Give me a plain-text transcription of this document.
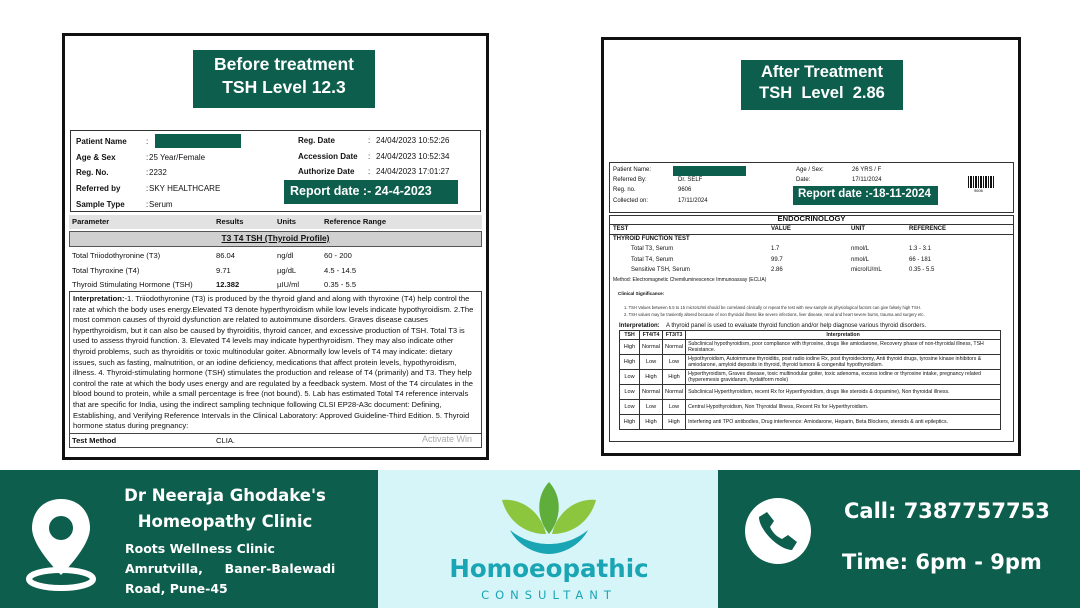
Before treatment
TSH Level 12.3
Patient Name :
Age & Sex	: 25 Year/Female
Reg. No.	: 2232
Referred by	: SKY HEALTHCARE
Sample Type	: Serum
Reg. Date	: 24/04/2023 10:52:26
Accession Date : 24/04/2023 10:52:34
Authorize Date : 24/04/2023 17:01:27
Report date :- 24-4-2023
Parameter	Results	Units	Reference Range
T3 T4 TSH (Thyroid Profile)
Total Triiodothyronine (T3)	86.04	ng/dl	60 - 200
Total Thyroxine (T4)	9.71	µg/dL	4.5 - 14.5
Thyroid Stimulating Hormone (TSH)	12.382	µIU/ml	0.35 - 5.5
Interpretation:-1. Triiodothyronine (T3) is produced by the thyroid gland and along with thyroxine (T4) help control the rate at which the body uses energy.Elevated T3 denote hyperthyroidism while low levels indicate hypothyroidism. 2.The most common causes of thyroid dysfunction are related to autoimmune disorders. Graves disease causes hyperthyroidism, but it can also be caused by thyroiditis, thyroid cancer, and excessive production of TSH. Total T3 is used to assess thyroid function. 3. Elevated T4 levels may indicate hyperthyroidism. They may also indicate other thyroid problems, such as thyroiditis or toxic multinodular goiter. Abnormally low levels of T4 may indicate: dietary issues, such as fasting, malnutrition, or an iodine deficiency, medications that affect protein levels, hypothyroidism, illness. 4. Thyroid-stimulating hormone (TSH) stimulates the production and release of T4 (primarily) and T3. They help control the rate at which the body uses energy and are regulated by a feedback system. Most of the T4 circulates in the blood bound to protein, while a small percentage is free (not bound). 5. Lab has estimated Total T4 reference intervals that are specific for India, using the indirect sampling technique following CLSI EP28-A3c document: Defining, Establishing, and Verifying Reference Intervals in the Clinical Laboratory: Approved Guideline-Third Edition. 5. Thyroid hormone status during pregnancy:
Test Method	CLIA.	Activate Win
After Treatment
TSH  Level  2.86
Patient Name:
Referred By:	Dr. SELF
Reg. no.	9606
Collected on:	17/11/2024
Age / Sex:	26 YRS / F
Date:	17/11/2024
9606
Report date :-18-11-2024
ENDOCRINOLOGY
TEST	VALUE	UNIT	REFERENCE
THYROID FUNCTION TEST
Total T3, Serum	1.7	nmol/L	1.3 - 3.1
Total T4, Serum	99.7	nmol/L	66 - 181
Sensitive TSH, Serum	2.86	microIU/mL	0.35 - 5.5
Method: Electromagnetic Chemiluminescence Immunoassay (ECLIA)
Clinical Significance:
1. TSH Values between 5.5 to 15 microIU/ml should be correlated clinically or repeat the test with new sample as physiological factors can give falsely high TSH.
2. TSH values may be trasiently altered because of non thyroidal illness like severe infections, liver disease, renal and heart severe burns, trauma and surgery etc.
Interpretation: A thyroid panel is used to evaluate thyroid function and/or help diagnose various thyroid disorders.
TSH	FT4/T4	FT3/T3	Interpretation
High	Normal	Normal	Subclinical hypothyroidism, poor compliance with thyroxine, drugs like amiodarone, Recovery phase of non-thyroidal illness, TSH Resistance.
High	Low	Low	Hypothyroidism, Autoimmune thyroiditis, post radio iodine Rx, post thyroidectomy, Anti thyroid drugs, tyrosine kinase inhibitors & amiodarone, amyloid deposits in thyroid, thyroid tumors & congenital hypothyroidism.
Low	High	High	Hyperthyroidism, Graves disease, toxic multinodular goiter, toxic adenoma, excess iodine or thyroxine intake, pregnancy related (hyperemesis gravidarum, hydatiform mole)
Low	Normal	Normal	Subclinical Hyperthyroidism, recent Rx for Hyperthyroidism, drugs like steroids & dopamine), Non thyroidal illness.
Low	Low	Low	Central Hypothyroidism, Non Thyroidal Illness, Recent Rx for Hyperthyroidism.
High	High	High	Interfering anti TPO antibodies, Drug interference: Amiodarone, Heparin, Beta Blockers, steroids & anti epileptics.
Dr Neeraja Ghodake's
Homeopathy Clinic
Roots Wellness Clinic
Amrutvilla,     Baner-Balewadi
Road, Pune-45
Homoeopathic
CONSULTANT
Call: 7387757753
Time: 6pm - 9pm
